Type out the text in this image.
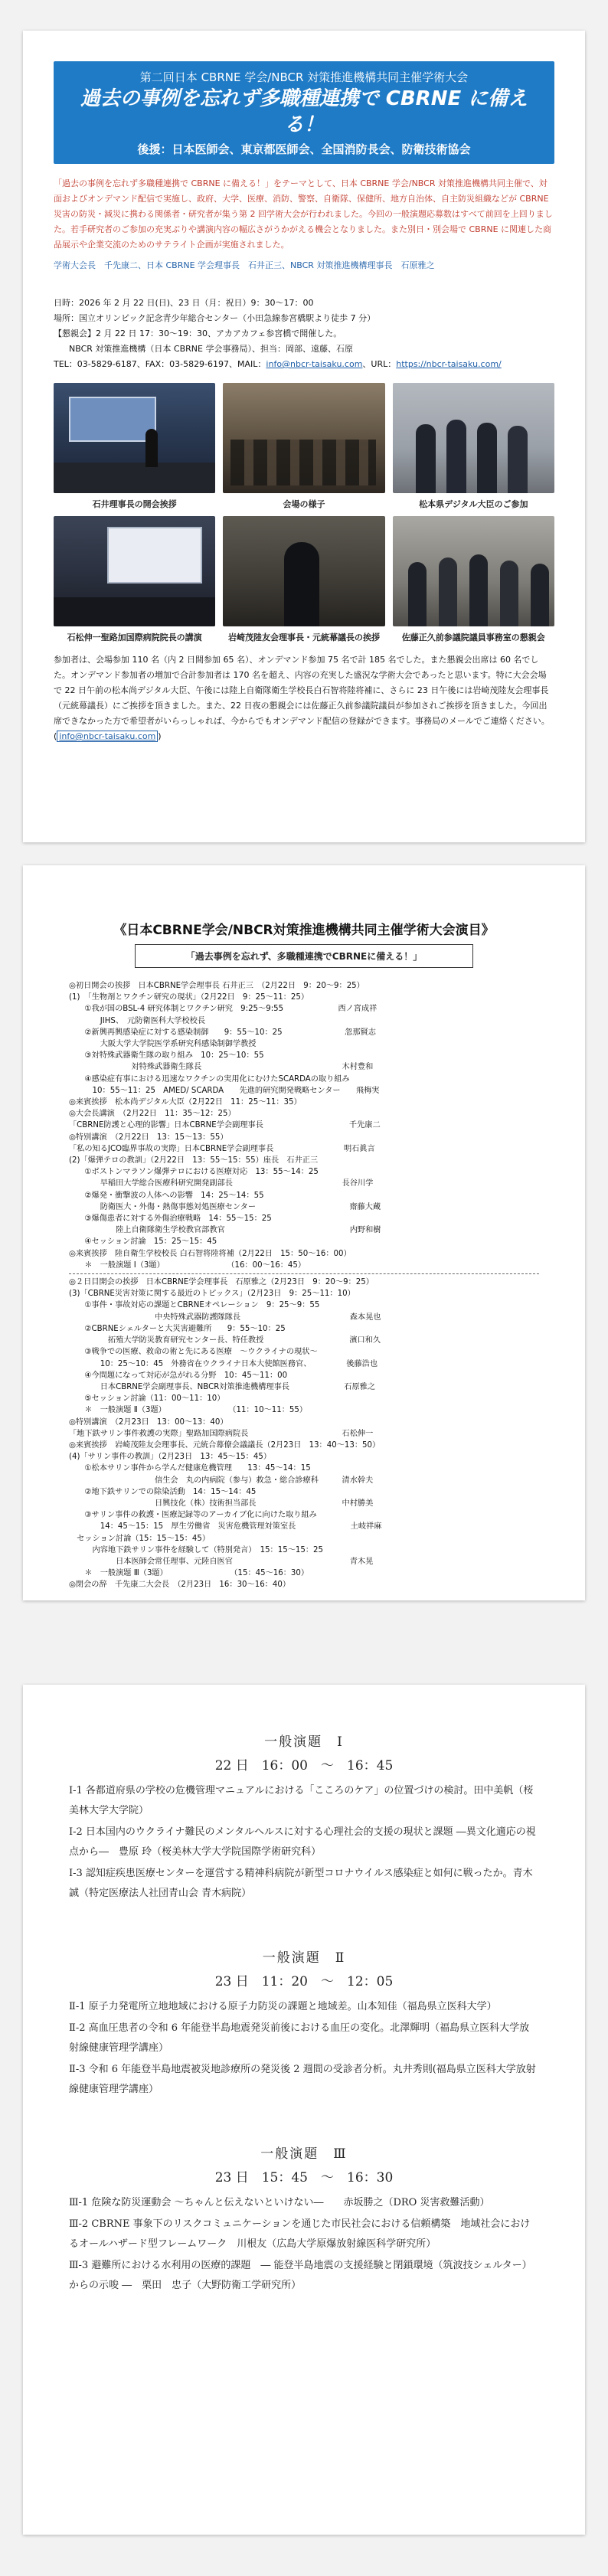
第二回日本 CBRNE 学会/NBCR 対策推進機構共同主催学術大会
過去の事例を忘れず多職種連携で CBRNE に備える！
後援：日本医師会、東京都医師会、全国消防長会、防衛技術協会
「過去の事例を忘れず多職種連携で CBRNE に備える！」をテーマとして、日本 CBRNE 学会/NBCR 対策推進機構共同主催で、対面およびオンデマンド配信で実施し、政府、大学、医療、消防、警察、自衛隊、保健所、地方自治体、自主防災組織などが CBRNE 災害の防災・減災に携わる関係者・研究者が集う第 2 回学術大会が行われました。今回の一般演題応募数はすべて前回を上回りました。若手研究者のご参加の充実ぶりや講演内容の幅広さがうかがえる機会となりました。また別日・別会場で CBRNE に関連した商品展示や企業交流のためのサテライト企画が実施されました。
学術大会長　千先康二、日本 CBRNE 学会理事長　石井正三、NBCR 対策推進機構理事長　石原雅之
日時：2026 年 2 月 22 日(日)、23 日（月：祝日）9：30～17：00
場所：国立オリンピック記念青少年総合センター（小田急線参宮橋駅より徒歩 7 分）
【懇親会】2 月 22 日 17：30～19：30、アカアカフェ参宮橋で開催した。
NBCR 対策推進機構（日本 CBRNE 学会事務局）、担当：岡部、遠藤、石原
TEL：03-5829-6187、FAX：03-5829-6197、MAIL：info@nbcr-taisaku.com、URL：https://nbcr-taisaku.com/
石井理事長の開会挨拶	会場の様子	松本県デジタル大臣のご参加
石松伸一聖路加国際病院院長の講演	岩崎茂陸友会理事長・元統幕議長の挨拶	佐藤正久前参議院議員事務室の懇親会
参加者は、会場参加 110 名（内 2 日間参加 65 名）、オンデマンド参加 75 名で計 185 名でした。また懇親会出席は 60 名でした。オンデマンド参加者の増加で合計参加者は 170 名を超え、内容の充実した盛況な学術大会であったと思います。特に大会会場で 22 日午前の松本尚デジタル大臣、午後には陸上自衛隊衛生学校長白石智将陸将補に、さらに 23 日午後には岩崎茂陸友会理事長（元統幕議長）にご挨拶を頂きました。また、22 日夜の懇親会には佐藤正久前参議院議員が参加されご挨拶を頂きました。今回出席できなかった方で希望者がいらっしゃれば、今からでもオンデマンド配信の登録ができます。事務局のメールでご連絡ください。( info@nbcr-taisaku.com )
《日本CBRNE学会/NBCR対策推進機構共同主催学術大会演目》
「過去事例を忘れず、多職種連携でCBRNEに備える！」
◎初日開会の挨拶　日本CBRNE学会理事長 石井正三　（2月22日　9：20～9：25）
(1)　「生物剤とワクチン研究の現状」（2月22日　9：25～11：25）
　　①我が国のBSL-4 研究体制とワクチン研究　9:25～9:55　　　　　　　西ノ宮成祥
　　　　JIHS、　元防衛医科大学校校長
　　②新興再興感染症に対する感染制御　　9：55～10：25　　　　　　　　忽那賢志
　　　　大阪大学大学院医学系研究科感染制御学教授
　　③対特殊武器衛生隊の取り組み　10：25～10：55
　　　　　　　　対特殊武器衛生隊長　　　　　　　　　　　　　　　　　　木村豊和
　　④感染症有事における迅速なワクチンの実用化にむけたSCARDAの取り組み
　　　10：55～11：25　AMED/ SCARDA　　先進的研究開発戦略センター　　飛梅実
◎来賓挨拶　松本尚デジタル大臣（2月22日　11：25～11：35）
◎大会長講演　（2月22日　11：35～12：25）
「CBRNE防護と心理的影響」日本CBRNE学会副理事長　　　　　　　　　　　千先康二
◎特別講演　（2月22日　13：15～13：55）
「私の知るJCO臨界事故の実際」日本CBRNE学会副理事長　　　　　　　　　明石眞言
(2)「爆弾テロの教訓」（2月22日　13：55～15：55）座長　石井正三
　　①ボストンマラソン爆弾テロにおける医療対応　13：55～14：25
　　　　早稲田大学総合医療科研究開発副部長　　　　　　　　　　　　　　長谷川学
　　②爆発・衝撃波の人体への影響　14：25～14：55
　　　　防衛医大・外傷・熱傷事態対処医療センター　　　　　　　　　　　　齋藤大蔵
　　③爆傷患者に対する外傷治療戦略　14：55～15：25
　　　　　　陸上自衛隊衛生学校教官部教官　　　　　　　　　　　　　　　　内野和樹
　　④セッション討論　15：25～15：45
◎来賓挨拶　陸自衛生学校校長 白石智将陸将補（2月22日　15：50～16：00）
　　＊　一般演題 Ⅰ（3題）　　　　　　　　　（16：00～16：45）
◎２日目開会の挨拶　日本CBRNE学会理事長　石原雅之（2月23日　9：20～9：25）
(3)「CBRNE災害対策に関する最近のトピックス」（2月23日　9：25～11：10）
　　①事件・事故対応の課題とCBRNEオペレーション　9：25～9：55
　　　　　　　　　　　中央特殊武器防護隊隊長　　　　　　　　　　　　　　森本晃也
　　②CBRNEシェルターと大災害避難所　　9：55～10：25
　　　　　拓殖大学防災教育研究センター長、特任教授　　　　　　　　　　　濱口和久
　　③戦争での医療、救命の術と先にある医療　～ウクライナの現状～
　　　　10：25～10：45　外務省在ウクライナ日本大使館医務官、　　　　　後藤浩也
　　④今問題になって対応が急がれる分野　10：45～11：00
　　　　日本CBRNE学会副理事長、NBCR対策推進機構理事長　　　　　　　石原雅之
　　⑤セッション討論（11：00～11：10）
　　＊　一般演題 Ⅱ（3題）　　　　　　　　　（11：10～11：55）
◎特別講演　（2月23日　13：00～13：40）
「地下鉄サリン事件救護の実際」聖路加国際病院長　　　　　　　　　　　　石松伸一
◎来賓挨拶　岩崎茂陸友会理事長、元統合幕僚会議議長（2月23日　13：40～13：50）
(4)「サリン事件の教訓」（2月23日　13：45～15：45）
　　①松本サリン事件から学んだ健康危機管理　　13：45～14：15
　　　　　　　　　　　信生会　丸の内病院（参与）救急・総合診療科　　　清水幹夫
　　②地下鉄サリンでの除染活動　14：15～14：45
　　　　　　　　　　　日興技化（株）技術担当部長　　　　　　　　　　　中村勝美
　　③サリン事件の救護・医療記録等のアーカイブ化に向けた取り組み
　　　　14：45～15：15　厚生労働省　災害危機管理対策室長　　　　　　　土岐祥麻
　セッション討論（15：15～15：45）
　　　内容地下鉄サリン事件を経験して（特別発言）　15：15～15：25
　　　　　　日本医師会常任理事、元陸自医官　　　　　　　　　　　　　　　青木晃
　　＊　一般演題 Ⅲ（3題）　　　　　　　　　（15：45～16：30）
◎閉会の辞　千先康二大会長　（2月23日　16：30～16：40）
一般演題　Ⅰ
22 日　16：00　～　16：45
Ⅰ-1 各都道府県の学校の危機管理マニュアルにおける「こころのケア」の位置づけの検討。田中美帆（桜美林大学大学院）
Ⅰ-2 日本国内のウクライナ難民のメンタルヘルスに対する心理社会的支援の現状と課題 ―異文化適応の視点から―　豊原 玲（桜美林大学大学院国際学術研究科）
Ⅰ-3 認知症疾患医療センターを運営する精神科病院が新型コロナウイルス感染症と如何に戦ったか。青木　誠（特定医療法人社団青山会 青木病院）
一般演題　Ⅱ
23 日　11：20　～　12：05
Ⅱ-1 原子力発電所立地地域における原子力防災の課題と地域差。山本知佳（福島県立医科大学）
Ⅱ-2 高血圧患者の令和 6 年能登半島地震発災前後における血圧の変化。北澤輝明（福島県立医科大学放射線健康管理学講座）
Ⅱ-3 令和 6 年能登半島地震被災地診療所の発災後 2 週間の受診者分析。丸井秀則(福島県立医科大学放射線健康管理学講座）
一般演題　Ⅲ
23 日　15：45　～　16：30
Ⅲ-1 危険な防災運動会 ～ちゃんと伝えないといけない―　　赤坂勝之（DRO 災害救難活動）
Ⅲ-2 CBRNE 事象下のリスクコミュニケーションを通じた市民社会における信頼構築　地域社会におけるオールハザード型フレームワーク　川根友（広島大学原爆放射線医科学研究所）
Ⅲ-3 避難所における水利用の医療的課題　― 能登半島地震の支援経験と閉鎖環境（筑波技シェルター）からの示唆 ―　栗田　忠子（大野防衛工学研究所）
